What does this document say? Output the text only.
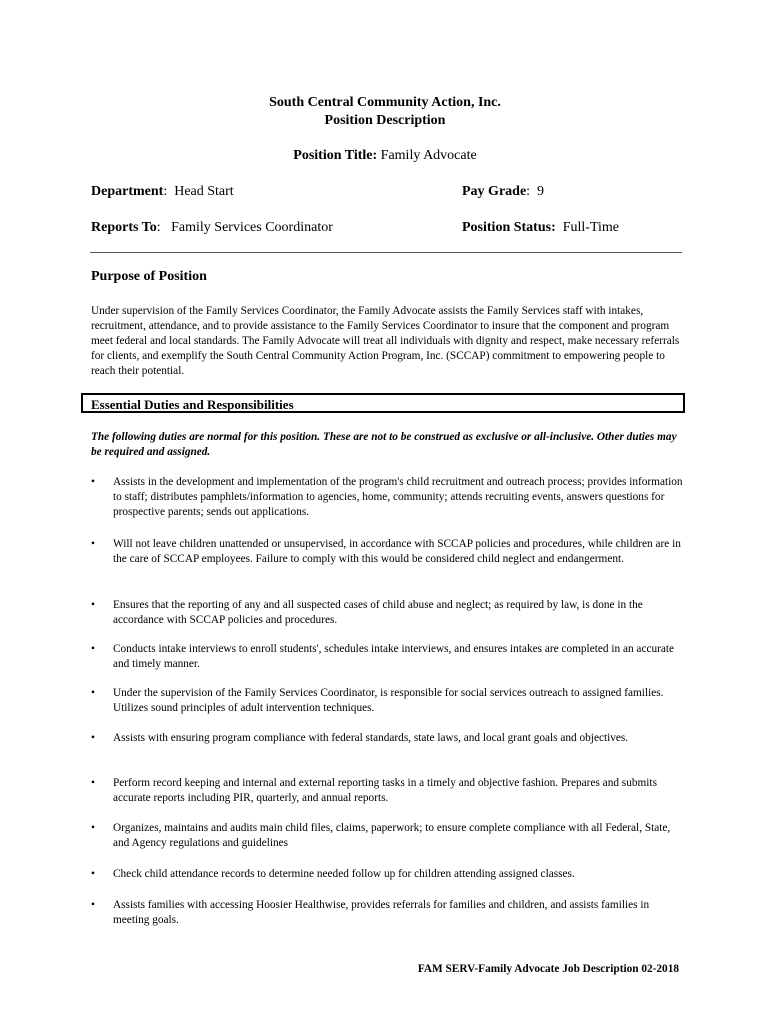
South Central Community Action, Inc.
Position Description
Position Title: Family Advocate
Department:  Head Start	Pay Grade:  9
Reports To:   Family Services Coordinator	Position Status: Full-Time
Purpose of Position
Under supervision of the Family Services Coordinator, the Family Advocate assists the Family Services staff with intakes, recruitment, attendance, and to provide assistance to the Family Services Coordinator to insure that the component and program meet federal and local standards. The Family Advocate will treat all individuals with dignity and respect, make necessary referrals for clients, and exemplify the South Central Community Action Program, Inc. (SCCAP) commitment to empowering people to reach their potential.
Essential Duties and Responsibilities
The following duties are normal for this position. These are not to be construed as exclusive or all-inclusive. Other duties may be required and assigned.
•	Assists in the development and implementation of the program's child recruitment and outreach process; provides information to staff; distributes pamphlets/information to agencies, home, community; attends recruiting events, answers questions for prospective parents; sends out applications.
•	Will not leave children unattended or unsupervised, in accordance with SCCAP policies and procedures, while children are in the care of SCCAP employees. Failure to comply with this would be considered child neglect and endangerment.
•	Ensures that the reporting of any and all suspected cases of child abuse and neglect; as required by law, is done in the accordance with SCCAP policies and procedures.
•	Conducts intake interviews to enroll students', schedules intake interviews, and ensures intakes are completed in an accurate and timely manner.
•	Under the supervision of the Family Services Coordinator, is responsible for social services outreach to assigned families. Utilizes sound principles of adult intervention techniques.
•	Assists with ensuring program compliance with federal standards, state laws, and local grant goals and objectives.
•	Perform record keeping and internal and external reporting tasks in a timely and objective fashion. Prepares and submits accurate reports including PIR, quarterly, and annual reports.
•	Organizes, maintains and audits main child files, claims, paperwork; to ensure complete compliance with all Federal, State, and Agency regulations and guidelines
•	Check child attendance records to determine needed follow up for children attending assigned classes.
•	Assists families with accessing Hoosier Healthwise, provides referrals for families and children, and assists families in meeting goals.
FAM SERV-Family Advocate Job Description 02-2018
